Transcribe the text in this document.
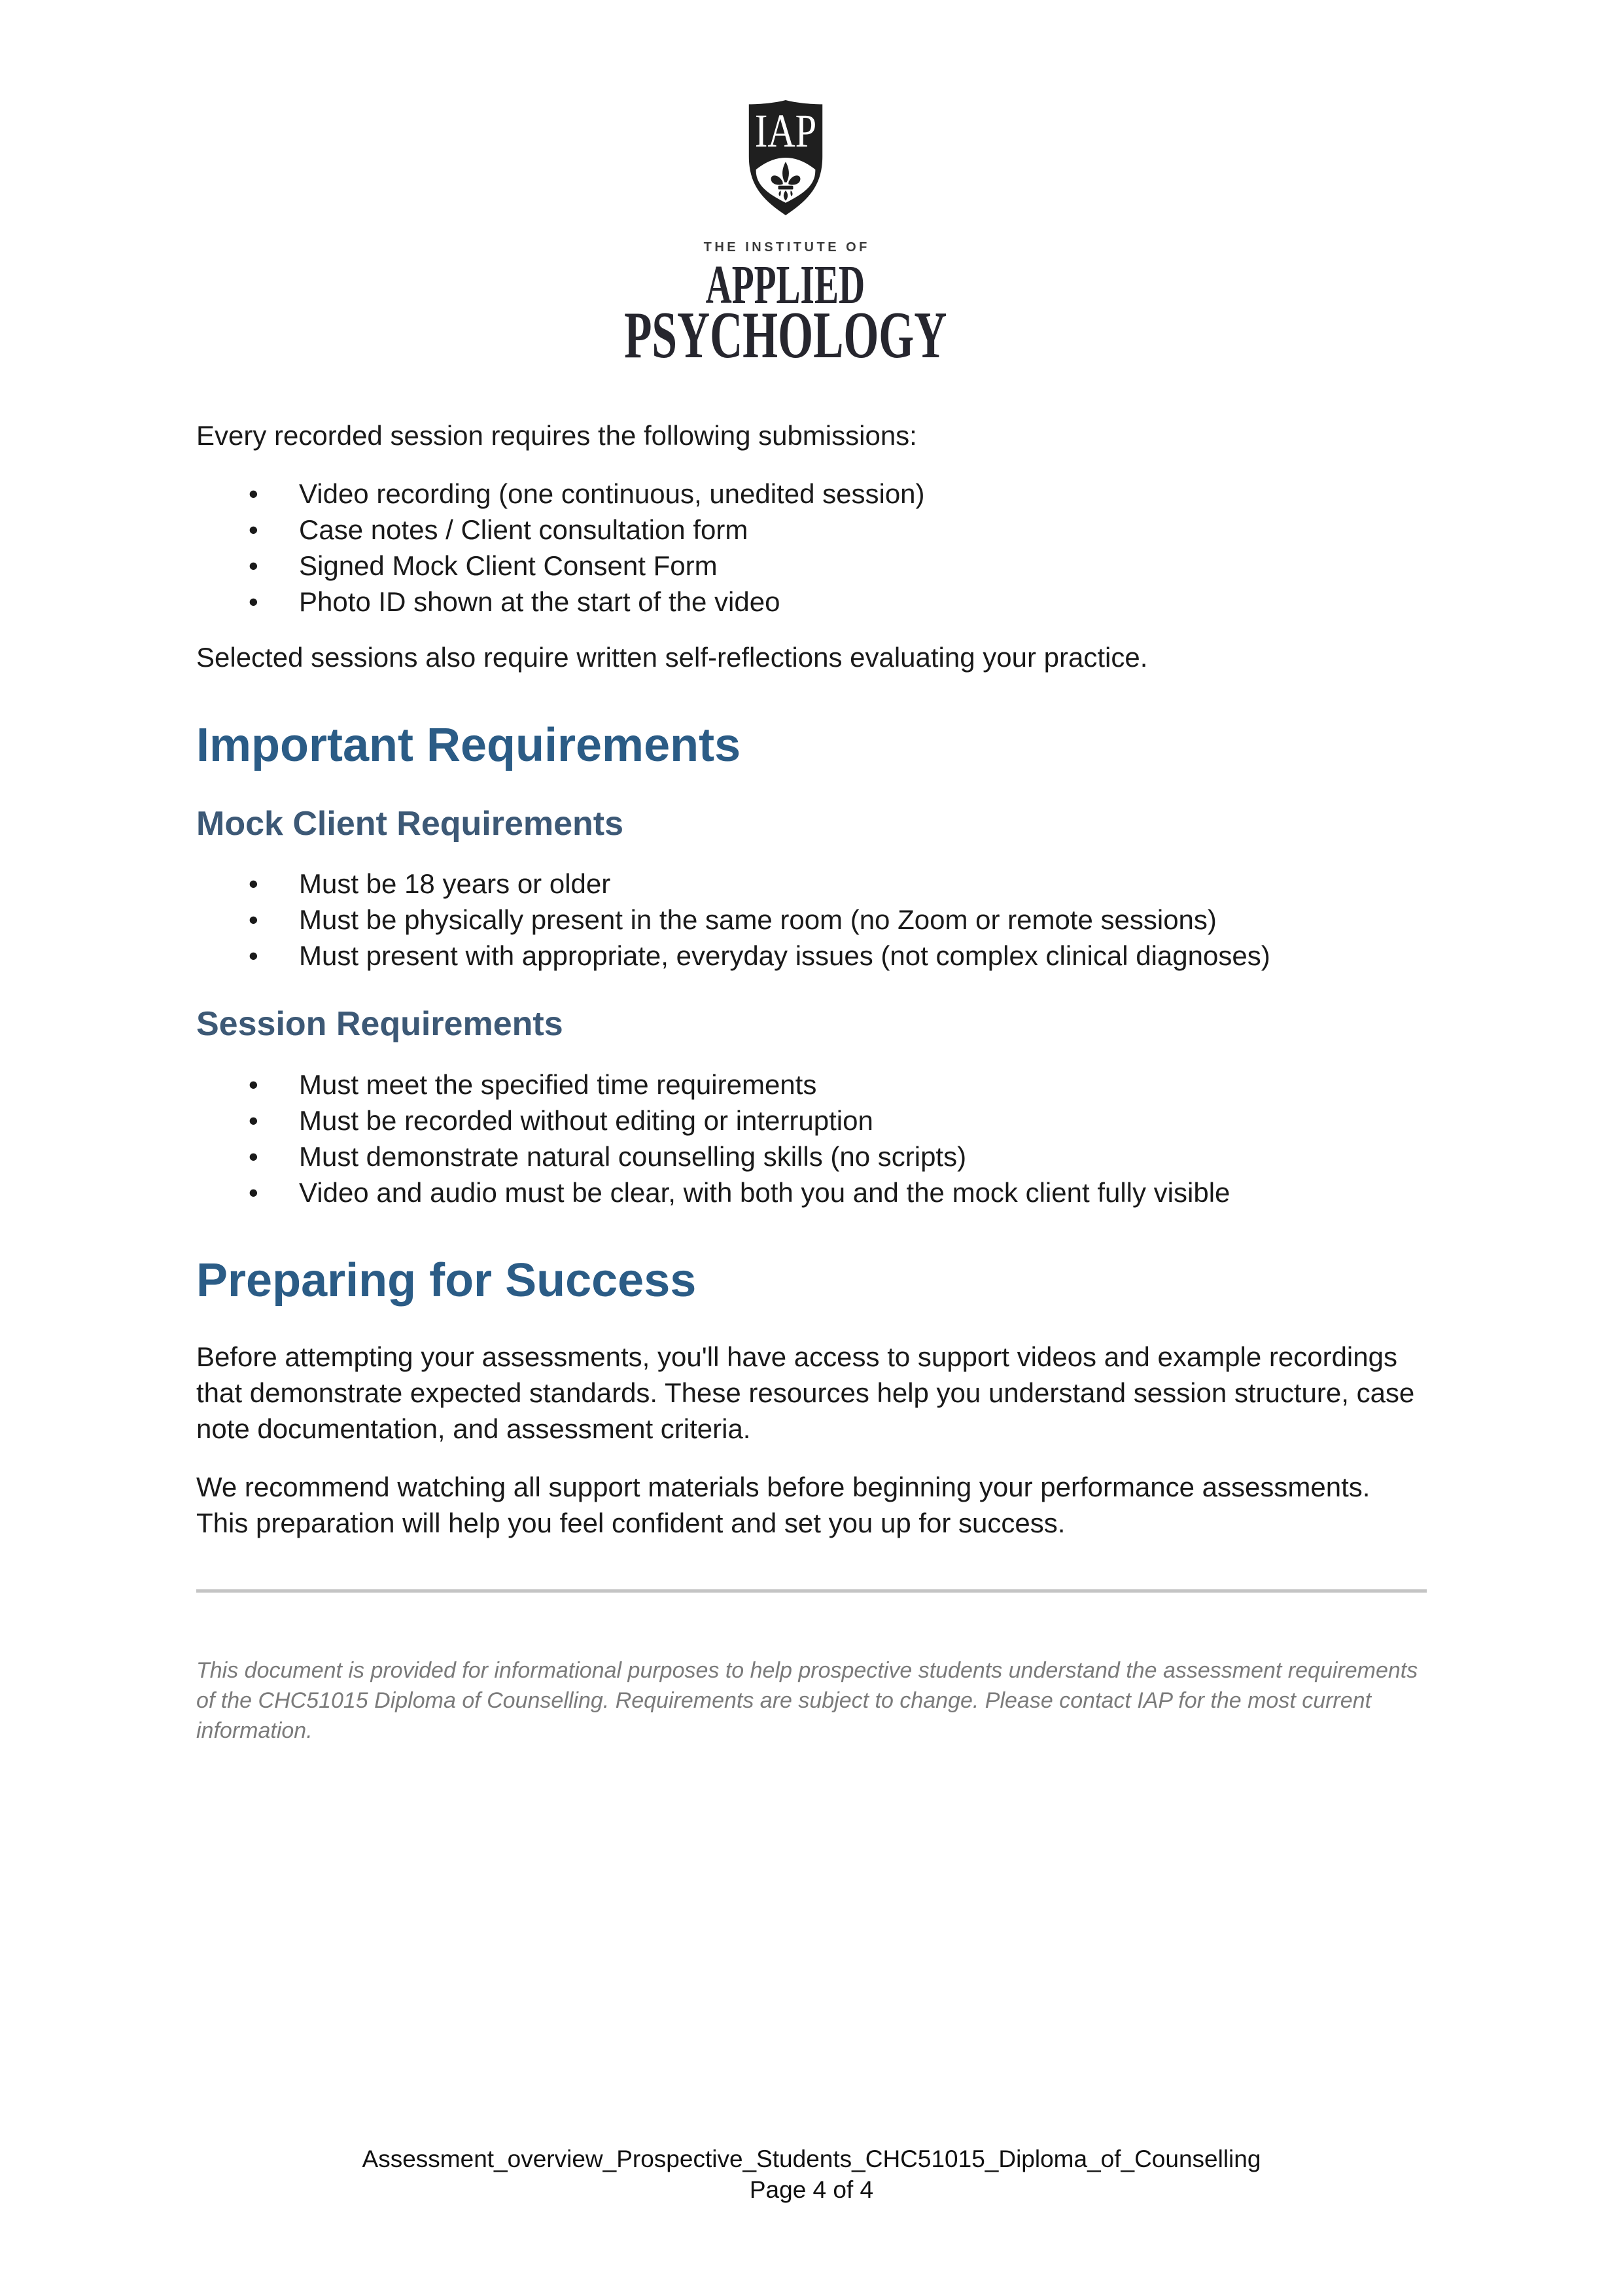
IAP
THE INSTITUTE OF
APPLIED
PSYCHOLOGY

Every recorded session requires the following submissions:

• Video recording (one continuous, unedited session)
• Case notes / Client consultation form
• Signed Mock Client Consent Form
• Photo ID shown at the start of the video

Selected sessions also require written self-reflections evaluating your practice.

Important Requirements
Mock Client Requirements
• Must be 18 years or older
• Must be physically present in the same room (no Zoom or remote sessions)
• Must present with appropriate, everyday issues (not complex clinical diagnoses)
Session Requirements
• Must meet the specified time requirements
• Must be recorded without editing or interruption
• Must demonstrate natural counselling skills (no scripts)
• Video and audio must be clear, with both you and the mock client fully visible
Preparing for Success

Before attempting your assessments, you'll have access to support videos and example recordings that demonstrate expected standards. These resources help you understand session structure, case note documentation, and assessment criteria.

We recommend watching all support materials before beginning your performance assessments. This preparation will help you feel confident and set you up for success.

This document is provided for informational purposes to help prospective students understand the assessment requirements of the CHC51015 Diploma of Counselling. Requirements are subject to change. Please contact IAP for the most current information.

Assessment_overview_Prospective_Students_CHC51015_Diploma_of_Counselling
Page 4 of 4
